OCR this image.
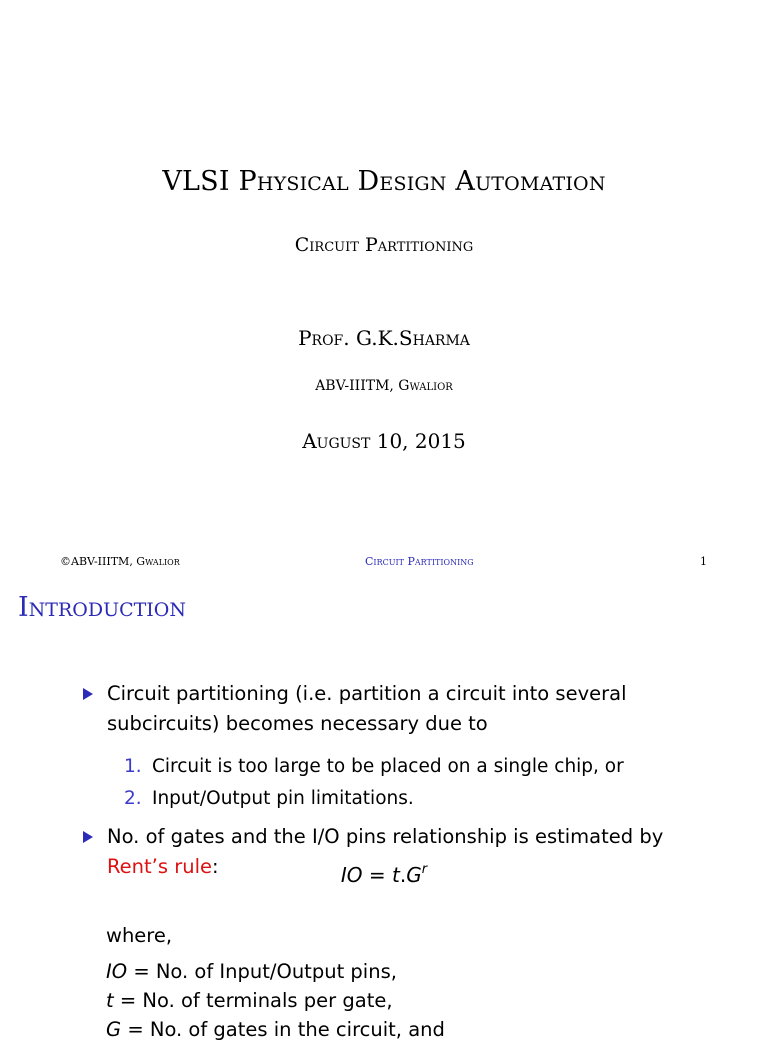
VLSI Physical Design Automation
Circuit Partitioning
Prof. G.K.Sharma
ABV-IIITM, Gwalior
August 10, 2015
©ABV-IIITM, Gwalior	Circuit Partitioning	1
Introduction
Circuit partitioning (i.e. partition a circuit into several subcircuits) becomes necessary due to
1. Circuit is too large to be placed on a single chip, or
2. Input/Output pin limitations.
No. of gates and the I/O pins relationship is estimated by
Rent’s rule:	IO = $t.G^r$
where,
IO = No. of Input/Output pins,
t = No. of terminals per gate,
G = No. of gates in the circuit, and
